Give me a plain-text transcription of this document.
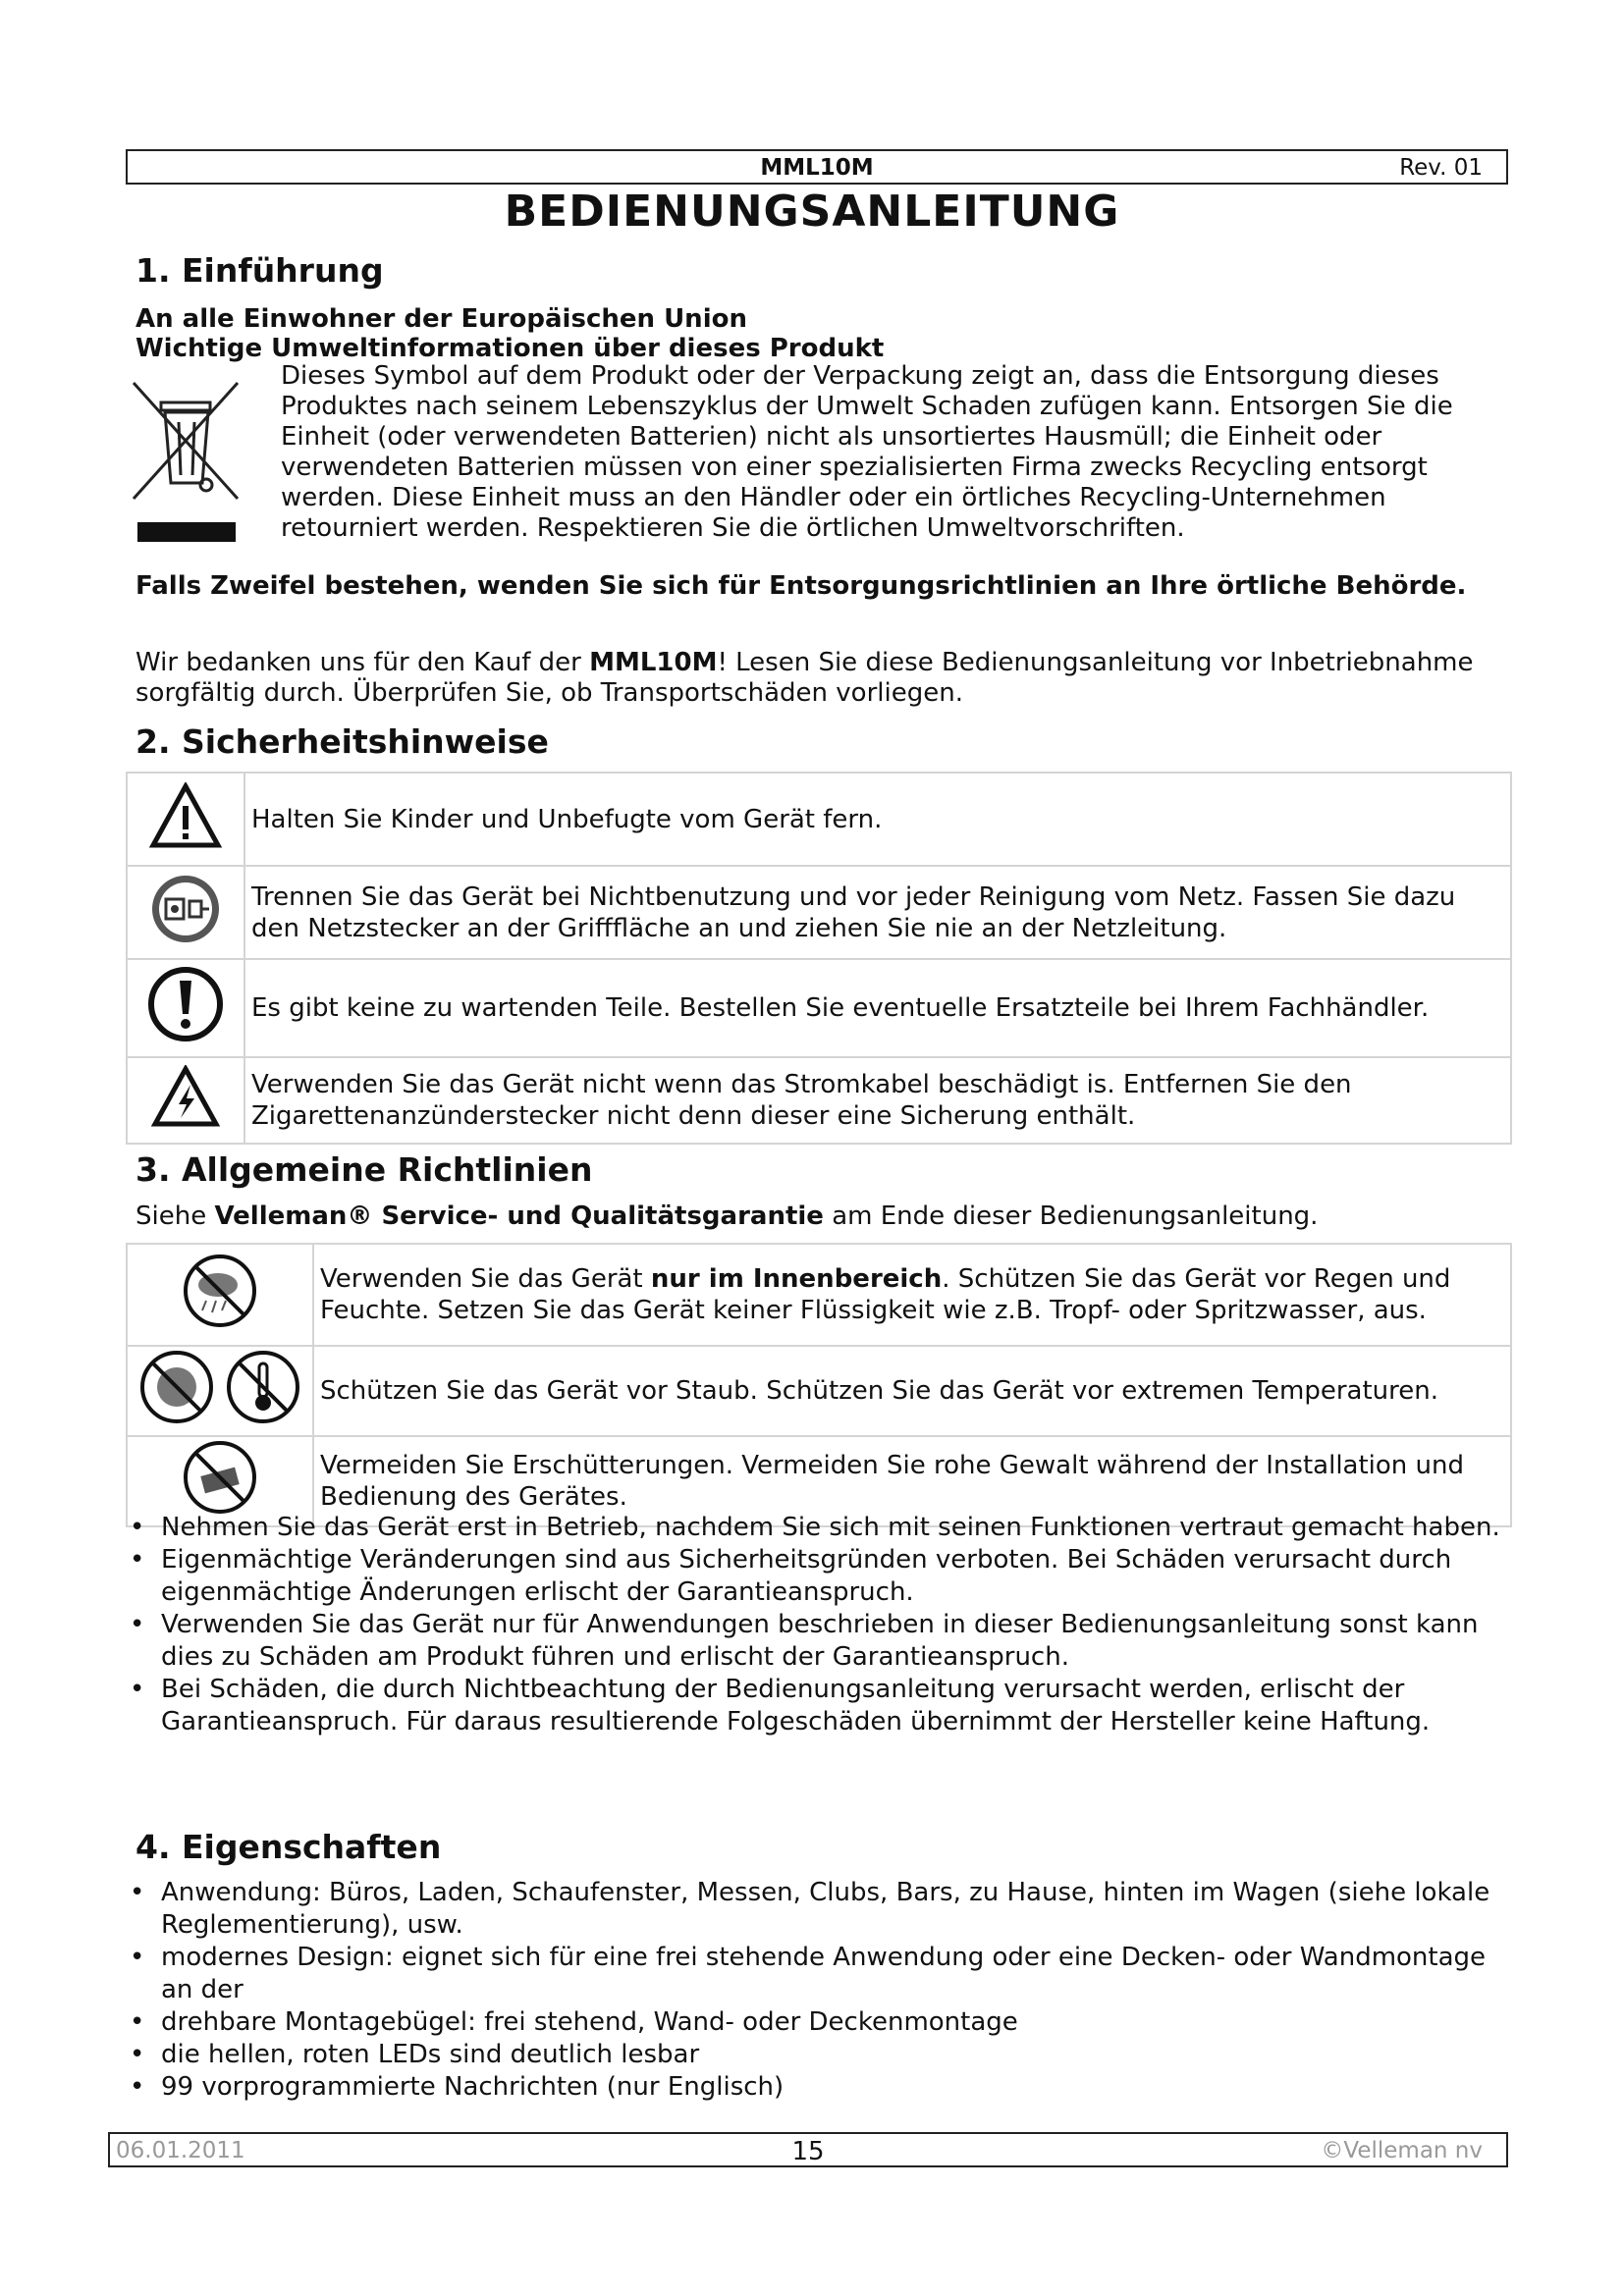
MML10M	Rev. 01
BEDIENUNGSANLEITUNG
1. Einführung
An alle Einwohner der Europäischen Union
Wichtige Umweltinformationen über dieses Produkt
Dieses Symbol auf dem Produkt oder der Verpackung zeigt an, dass die Entsorgung dieses Produktes nach seinem Lebenszyklus der Umwelt Schaden zufügen kann. Entsorgen Sie die Einheit (oder verwendeten Batterien) nicht als unsortiertes Hausmüll; die Einheit oder verwendeten Batterien müssen von einer spezialisierten Firma zwecks Recycling entsorgt werden. Diese Einheit muss an den Händler oder ein örtliches Recycling-Unternehmen retourniert werden. Respektieren Sie die örtlichen Umweltvorschriften.
Falls Zweifel bestehen, wenden Sie sich für Entsorgungsrichtlinien an Ihre örtliche Behörde.
Wir bedanken uns für den Kauf der MML10M! Lesen Sie diese Bedienungsanleitung vor Inbetriebnahme sorgfältig durch. Überprüfen Sie, ob Transportschäden vorliegen.
2. Sicherheitshinweise
	Halten Sie Kinder und Unbefugte vom Gerät fern.
	Trennen Sie das Gerät bei Nichtbenutzung und vor jeder Reinigung vom Netz. Fassen Sie dazu den Netzstecker an der Grifffläche an und ziehen Sie nie an der Netzleitung.
	Es gibt keine zu wartenden Teile. Bestellen Sie eventuelle Ersatzteile bei Ihrem Fachhändler.
	Verwenden Sie das Gerät nicht wenn das Stromkabel beschädigt is. Entfernen Sie den Zigarettenanzünderstecker nicht denn dieser eine Sicherung enthält.
3. Allgemeine Richtlinien
Siehe Velleman® Service- und Qualitätsgarantie am Ende dieser Bedienungsanleitung.
	Verwenden Sie das Gerät nur im Innenbereich. Schützen Sie das Gerät vor Regen und Feuchte. Setzen Sie das Gerät keiner Flüssigkeit wie z.B. Tropf- oder Spritzwasser, aus.
	Schützen Sie das Gerät vor Staub. Schützen Sie das Gerät vor extremen Temperaturen.
	Vermeiden Sie Erschütterungen. Vermeiden Sie rohe Gewalt während der Installation und Bedienung des Gerätes.
• Nehmen Sie das Gerät erst in Betrieb, nachdem Sie sich mit seinen Funktionen vertraut gemacht haben.
• Eigenmächtige Veränderungen sind aus Sicherheitsgründen verboten. Bei Schäden verursacht durch eigenmächtige Änderungen erlischt der Garantieanspruch.
• Verwenden Sie das Gerät nur für Anwendungen beschrieben in dieser Bedienungsanleitung sonst kann dies zu Schäden am Produkt führen und erlischt der Garantieanspruch.
• Bei Schäden, die durch Nichtbeachtung der Bedienungsanleitung verursacht werden, erlischt der Garantieanspruch. Für daraus resultierende Folgeschäden übernimmt der Hersteller keine Haftung.
4. Eigenschaften
• Anwendung: Büros, Laden, Schaufenster, Messen, Clubs, Bars, zu Hause, hinten im Wagen (siehe lokale Reglementierung), usw.
• modernes Design: eignet sich für eine frei stehende Anwendung oder eine Decken- oder Wandmontage an der
• drehbare Montagebügel: frei stehend, Wand- oder Deckenmontage
• die hellen, roten LEDs sind deutlich lesbar
• 99 vorprogrammierte Nachrichten (nur Englisch)
06.01.2011	15	©Velleman nv
